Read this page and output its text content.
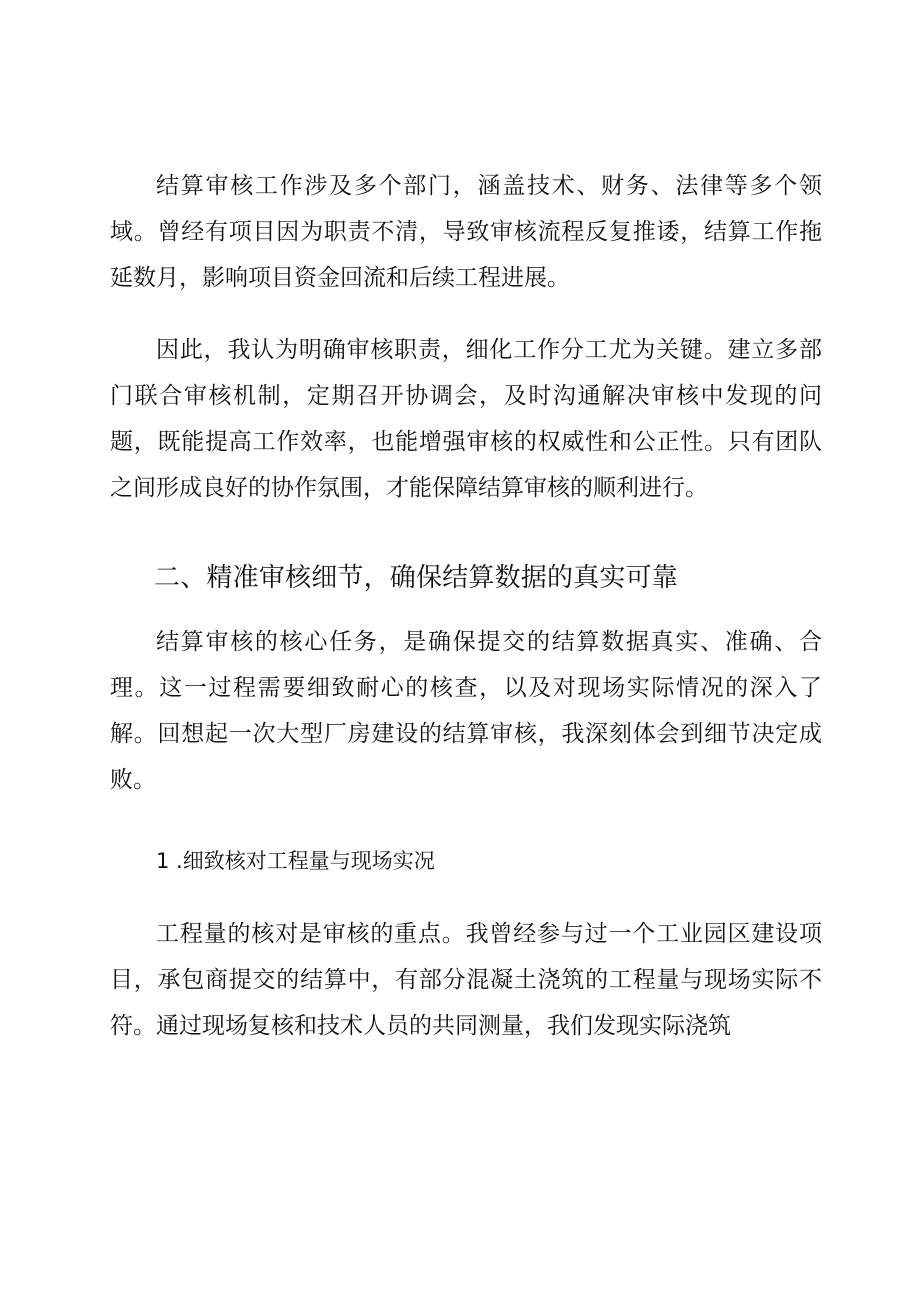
结算审核工作涉及多个部门，涵盖技术、财务、法律等多个领域。曾经有项目因为职责不清，导致审核流程反复推诿，结算工作拖延数月，影响项目资金回流和后续工程进展。

因此，我认为明确审核职责，细化工作分工尤为关键。建立多部门联合审核机制，定期召开协调会，及时沟通解决审核中发现的问题，既能提高工作效率，也能增强审核的权威性和公正性。只有团队之间形成良好的协作氛围，才能保障结算审核的顺利进行。

二、精准审核细节，确保结算数据的真实可靠

结算审核的核心任务，是确保提交的结算数据真实、准确、合理。这一过程需要细致耐心的核查，以及对现场实际情况的深入了解。回想起一次大型厂房建设的结算审核，我深刻体会到细节决定成败。

1 .细致核对工程量与现场实况

工程量的核对是审核的重点。我曾经参与过一个工业园区建设项目，承包商提交的结算中，有部分混凝土浇筑的工程量与现场实际不符。通过现场复核和技术人员的共同测量，我们发现实际浇筑
